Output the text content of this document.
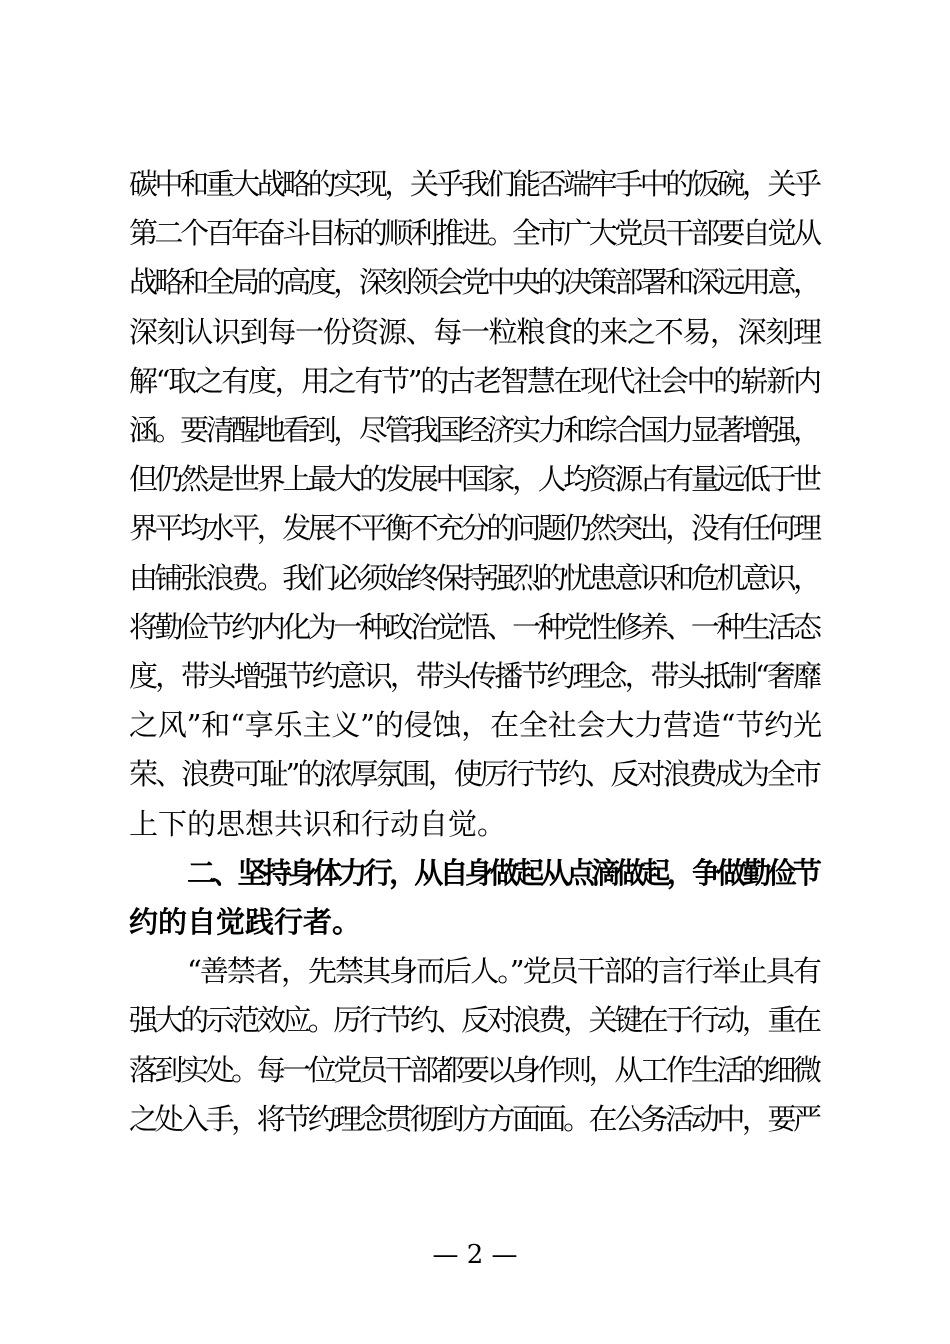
碳中和重大战略的实现，关乎我们能否端牢手中的饭碗，关乎
第二个百年奋斗目标的顺利推进。全市广大党员干部要自觉从
战略和全局的高度，深刻领会党中央的决策部署和深远用意，
深刻认识到每一份资源、每一粒粮食的来之不易，深刻理
解“取之有度，用之有节”的古老智慧在现代社会中的崭新内
涵。要清醒地看到，尽管我国经济实力和综合国力显著增强，
但仍然是世界上最大的发展中国家，人均资源占有量远低于世
界平均水平，发展不平衡不充分的问题仍然突出，没有任何理
由铺张浪费。我们必须始终保持强烈的忧患意识和危机意识，
将勤俭节约内化为一种政治觉悟、一种党性修养、一种生活态
度，带头增强节约意识，带头传播节约理念，带头抵制“奢靡
之风”和“享乐主义”的侵蚀，在全社会大力营造“节约光
荣、浪费可耻”的浓厚氛围，使厉行节约、反对浪费成为全市
上下的思想共识和行动自觉。
二、坚持身体力行，从自身做起从点滴做起，争做勤俭节
约的自觉践行者。
“善禁者，先禁其身而后人。”党员干部的言行举止具有
强大的示范效应。厉行节约、反对浪费，关键在于行动，重在
落到实处。每一位党员干部都要以身作则，从工作生活的细微
之处入手，将节约理念贯彻到方方面面。在公务活动中，要严
— 2 —
